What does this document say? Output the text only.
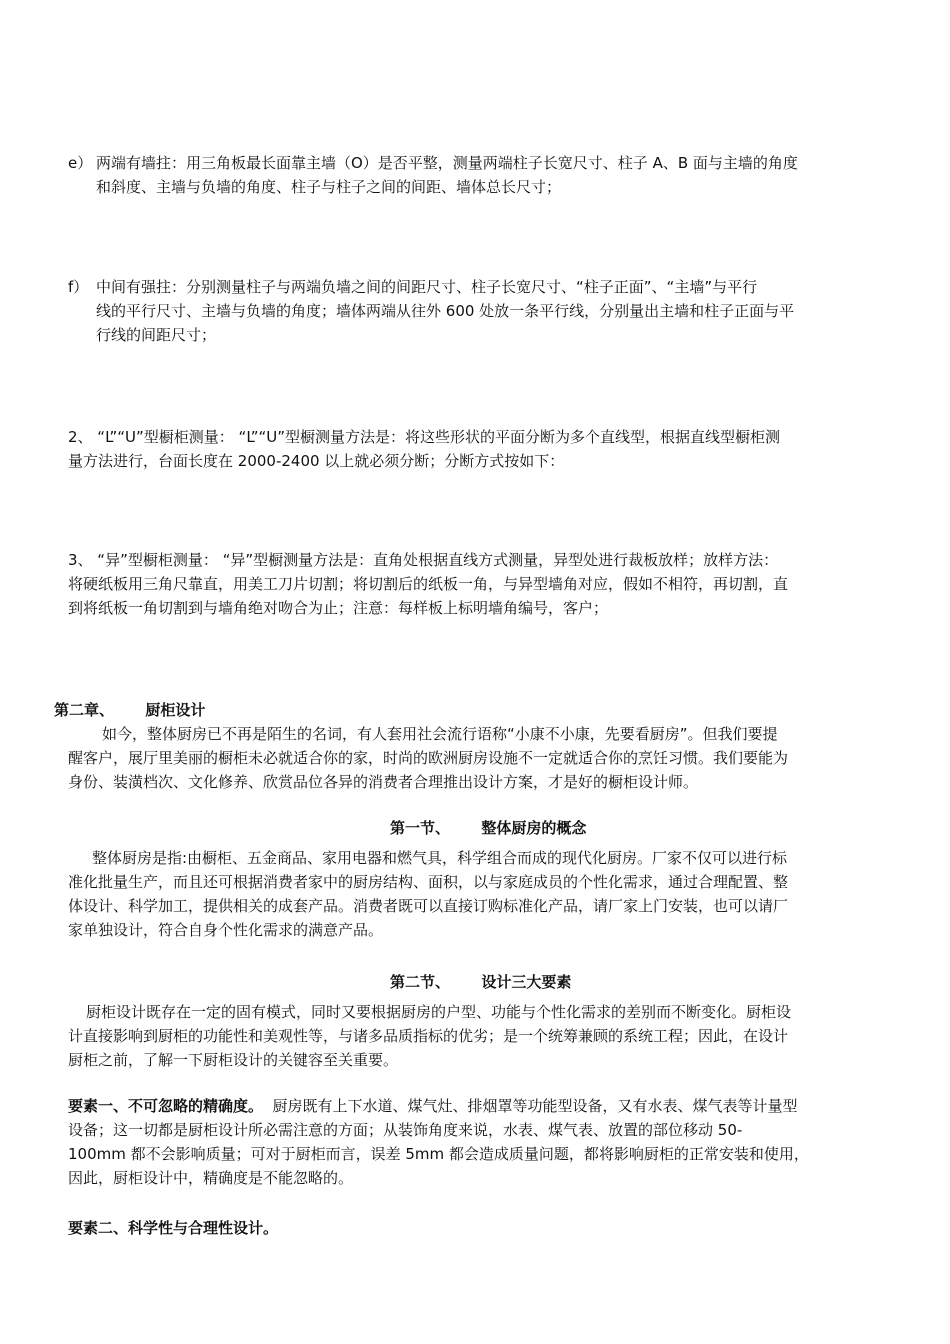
e） 两端有墙拄：用三角板最长面靠主墙（O）是否平整，测量两端柱子长宽尺寸、柱子 A、B 面与主墙的角度
和斜度、主墙与负墙的角度、柱子与柱子之间的间距、墙体总长尺寸；
f） 中间有强拄：分别测量柱子与两端负墙之间的间距尺寸、柱子长宽尺寸、“柱子正面”、“主墙”与平行
线的平行尺寸、主墙与负墙的角度；墙体两端从往外 600 处放一条平行线，分别量出主墙和柱子正面与平
行线的间距尺寸；
2、 “L”“U”型橱柜测量： “L”“U”型橱测量方法是：将这些形状的平面分断为多个直线型，根据直线型橱柜测
量方法进行，台面长度在 2000-2400 以上就必须分断；分断方式按如下：
3、 “异”型橱柜测量： “异”型橱测量方法是：直角处根据直线方式测量，异型处进行裁板放样；放样方法：
将硬纸板用三角尺靠直，用美工刀片切割；将切割后的纸板一角，与异型墙角对应，假如不相符，再切割，直
到将纸板一角切割到与墙角绝对吻合为止；注意：每样板上标明墙角编号，客户；
第二章、      厨柜设计
如今，整体厨房已不再是陌生的名词，有人套用社会流行语称“小康不小康，先要看厨房”。但我们要提
醒客户，展厅里美丽的橱柜未必就适合你的家，时尚的欧洲厨房设施不一定就适合你的烹饪习惯。我们要能为
身份、装潢档次、文化修养、欣赏品位各异的消费者合理推出设计方案，才是好的橱柜设计师。
第一节、      整体厨房的概念
整体厨房是指:由橱柜、五金商品、家用电器和燃气具，科学组合而成的现代化厨房。厂家不仅可以进行标
准化批量生产，而且还可根据消费者家中的厨房结构、面积，以与家庭成员的个性化需求，通过合理配置、整
体设计、科学加工，提供相关的成套产品。消费者既可以直接订购标准化产品，请厂家上门安装，也可以请厂
家单独设计，符合自身个性化需求的满意产品。
第二节、      设计三大要素
厨柜设计既存在一定的固有模式，同时又要根据厨房的户型、功能与个性化需求的差别而不断变化。厨柜设
计直接影响到厨柜的功能性和美观性等，与诸多品质指标的优劣；是一个统筹兼顾的系统工程；因此，在设计
厨柜之前，了解一下厨柜设计的关键容至关重要。
要素一、不可忽略的精确度。  厨房既有上下水道、煤气灶、排烟罩等功能型设备，又有水表、煤气表等计量型
设备；这一切都是厨柜设计所必需注意的方面；从装饰角度来说，水表、煤气表、放置的部位移动 50-
100mm 都不会影响质量；可对于厨柜而言，误差 5mm 都会造成质量问题，都将影响厨柜的正常安装和使用，
因此，厨柜设计中，精确度是不能忽略的。
要素二、科学性与合理性设计。
